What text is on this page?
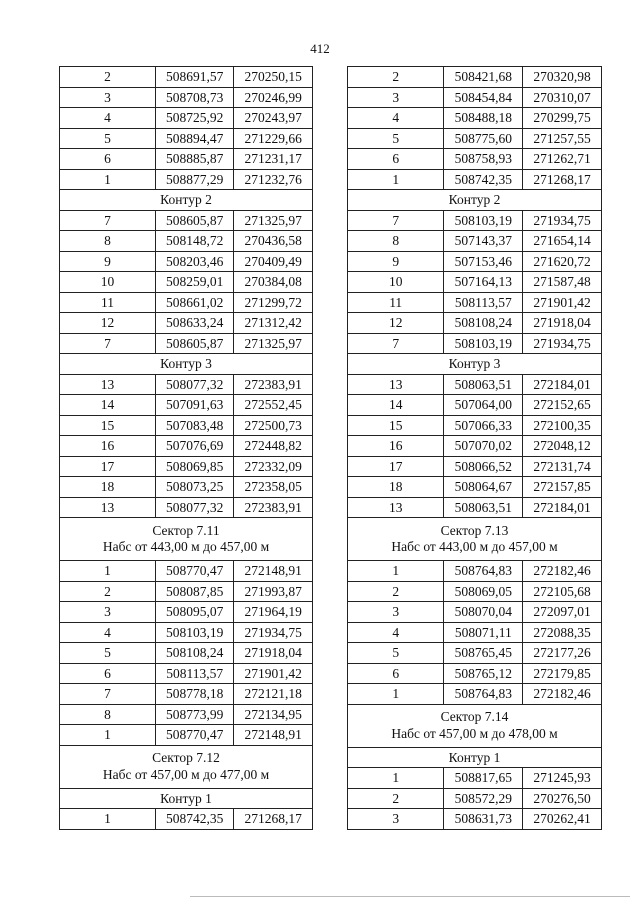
412
2	508691,57	270250,15
3	508708,73	270246,99
4	508725,92	270243,97
5	508894,47	271229,66
6	508885,87	271231,17
1	508877,29	271232,76
Контур 2		
7	508605,87	271325,97
8	508148,72	270436,58
9	508203,46	270409,49
10	508259,01	270384,08
11	508661,02	271299,72
12	508633,24	271312,42
7	508605,87	271325,97
Контур 3		
13	508077,32	272383,91
14	507091,63	272552,45
15	507083,48	272500,73
16	507076,69	272448,82
17	508069,85	272332,09
18	508073,25	272358,05
13	508077,32	272383,91

Сектор 7.11
Набс от 443,00 м до 457,00 м		

1	508770,47	272148,91
2	508087,85	271993,87
3	508095,07	271964,19
4	508103,19	271934,75
5	508108,24	271918,04
6	508113,57	271901,42
7	508778,18	272121,18
8	508773,99	272134,95
1	508770,47	272148,91

Сектор 7.12
Набс от 457,00 м до 477,00 м		

Контур 1		
1	508742,35	271268,17
2	508421,68	270320,98
3	508454,84	270310,07
4	508488,18	270299,75
5	508775,60	271257,55
6	508758,93	271262,71
1	508742,35	271268,17
Контур 2		
7	508103,19	271934,75
8	507143,37	271654,14
9	507153,46	271620,72
10	507164,13	271587,48
11	508113,57	271901,42
12	508108,24	271918,04
7	508103,19	271934,75
Контур 3		
13	508063,51	272184,01
14	507064,00	272152,65
15	507066,33	272100,35
16	507070,02	272048,12
17	508066,52	272131,74
18	508064,67	272157,85
13	508063,51	272184,01

Сектор 7.13
Набс от 443,00 м до 457,00 м		

1	508764,83	272182,46
2	508069,05	272105,68
3	508070,04	272097,01
4	508071,11	272088,35
5	508765,45	272177,26
6	508765,12	272179,85
1	508764,83	272182,46

Сектор 7.14
Набс от 457,00 м до 478,00 м		

Контур 1		
1	508817,65	271245,93
2	508572,29	270276,50
3	508631,73	270262,41
